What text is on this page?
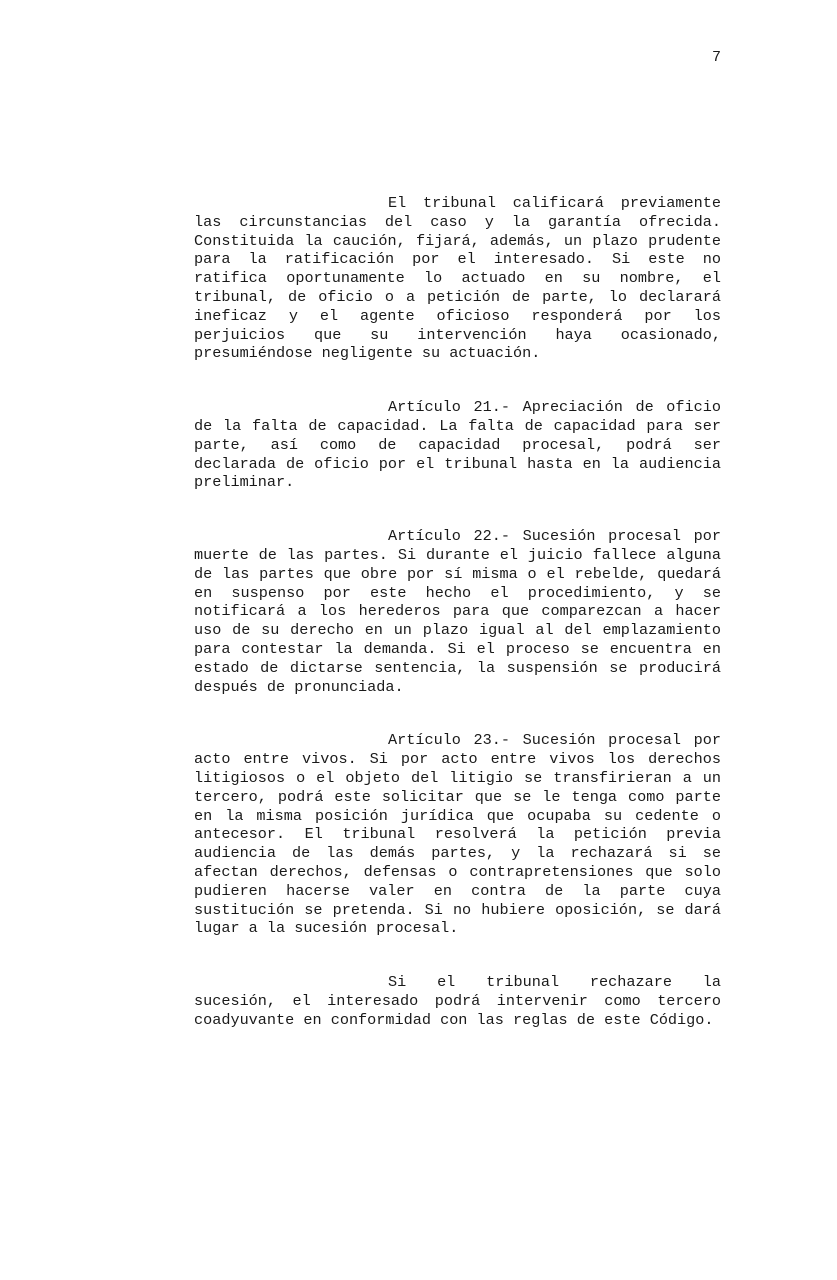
7

El tribunal calificará previamente las circunstancias del caso y la garantía ofrecida. Constituida la caución, fijará, además, un plazo prudente para la ratificación por el interesado. Si este no ratifica oportunamente lo actuado en su nombre, el tribunal, de oficio o a petición de parte, lo declarará ineficaz y el agente oficioso responderá por los perjuicios que su intervención haya ocasionado, presumiéndose negligente su actuación.

Artículo 21.- Apreciación de oficio de la falta de capacidad. La falta de capacidad para ser parte, así como de capacidad procesal, podrá ser declarada de oficio por el tribunal hasta en la audiencia preliminar.

Artículo 22.- Sucesión procesal por muerte de las partes. Si durante el juicio fallece alguna de las partes que obre por sí misma o el rebelde, quedará en suspenso por este hecho el procedimiento, y se notificará a los herederos para que comparezcan a hacer uso de su derecho en un plazo igual al del emplazamiento para contestar la demanda. Si el proceso se encuentra en estado de dictarse sentencia, la suspensión se producirá después de pronunciada.

Artículo 23.- Sucesión procesal por acto entre vivos. Si por acto entre vivos los derechos litigiosos o el objeto del litigio se transfirieran a un tercero, podrá este solicitar que se le tenga como parte en la misma posición jurídica que ocupaba su cedente o antecesor. El tribunal resolverá la petición previa audiencia de las demás partes, y la rechazará si se afectan derechos, defensas o contrapretensiones que solo pudieren hacerse valer en contra de la parte cuya sustitución se pretenda. Si no hubiere oposición, se dará lugar a la sucesión procesal.

Si el tribunal rechazare la sucesión, el interesado podrá intervenir como tercero coadyuvante en conformidad con las reglas de este Código.
